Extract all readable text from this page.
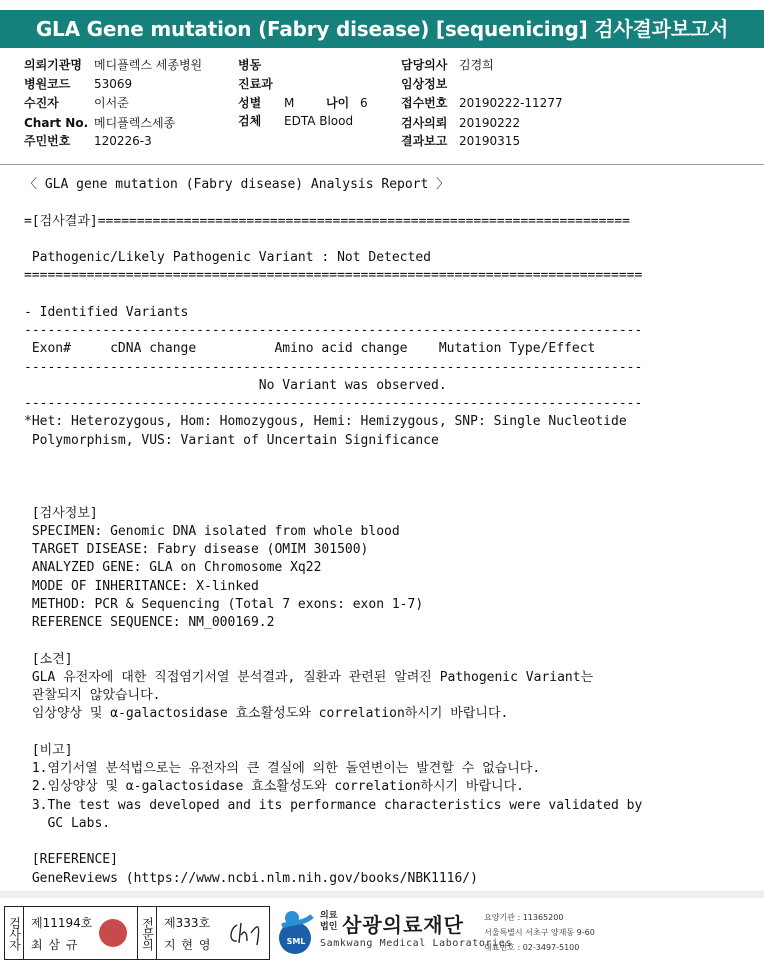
GLA Gene mutation (Fabry disease) [sequenicing] 검사결과보고서
의뢰기관명 메디플렉스 세종병원
병원코드 53069
수진자	이서준
Chart No. 메디플렉스세종
주민번호 120226-3
병동
진료과
성별 M	나이 6
검체 EDTA Blood
담당의사 김경희
임상정보
접수번호 20190222-11277
검사의뢰 20190222
결과보고 20190315
〈 GLA gene mutation (Fabry disease) Analysis Report 〉
=[검사결과]====================================================================
Pathogenic/Likely Pathogenic Variant : Not Detected
===============================================================================
- Identified Variants
-------------------------------------------------------------------------------
Exon#     cDNA change          Amino acid change    Mutation Type/Effect
-------------------------------------------------------------------------------
No Variant was observed.
-------------------------------------------------------------------------------
*Het: Heterozygous, Hom: Homozygous, Hemi: Hemizygous, SNP: Single Nucleotide
Polymorphism, VUS: Variant of Uncertain Significance
[검사정보]
SPECIMEN: Genomic DNA isolated from whole blood
TARGET DISEASE: Fabry disease (OMIM 301500)
ANALYZED GENE: GLA on Chromosome Xq22
MODE OF INHERITANCE: X-linked
METHOD: PCR & Sequencing (Total 7 exons: exon 1-7)
REFERENCE SEQUENCE: NM_000169.2
[소견]
GLA 유전자에 대한 직접염기서열 분석결과, 질환과 관련된 알려진 Pathogenic Variant는
관찰되지 않았습니다.
임상양상 및 α-galactosidase 효소활성도와 correlation하시기 바랍니다.
[비고]
1.염기서열 분석법으로는 유전자의 큰 결실에 의한 돌연변이는 발견할 수 없습니다.
2.임상양상 및 α-galactosidase 효소활성도와 correlation하시기 바랍니다.
3.The test was developed and its performance characteristics were validated by
GC Labs.
[REFERENCE]
GeneReviews (https://www.ncbi.nlm.nih.gov/books/NBK1116/)
검사자 제11194호
최 삼 규	전문의 제333호
지 현 영	SML
의료법인 삼광의료재단
Samkwang Medical Laboratories
요양기관 : 11365200
서울특별시 서초구 양재동 9-60
대표번호 : 02-3497-5100
